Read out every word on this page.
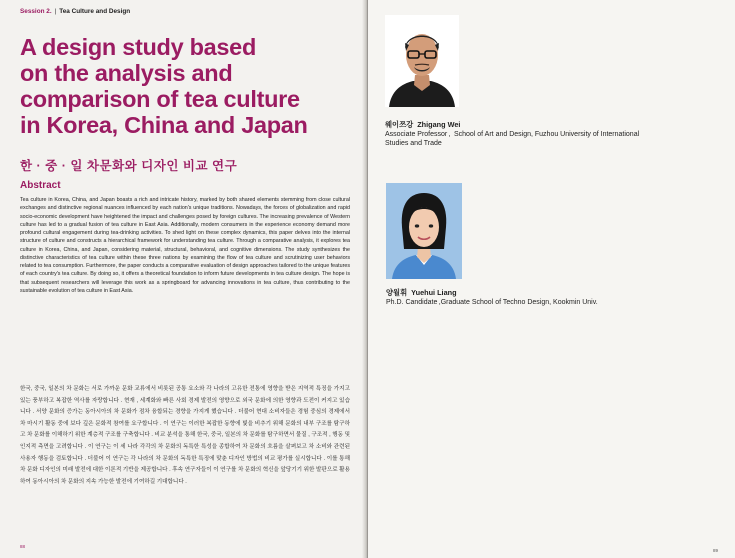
Session 2. | Tea Culture and Design
A design study based
on the analysis and
comparison of tea culture
in Korea, China and Japan
한 · 중 · 일 차문화와 디자인 비교 연구
Abstract
Tea culture in Korea, China, and Japan boasts a rich and intricate history, marked by both shared elements stemming from close cultural exchanges and distinctive regional nuances influenced by each nation's unique traditions. Nowadays, the forces of globalization and rapid socio-economic development have heightened the impact and challenges posed by foreign cultures. The increasing prevalence of Western culture has led to a gradual fusion of tea culture in East Asia. Additionally, modern consumers in the experience economy demand more profound cultural engagement during tea-drinking activities. To shed light on these complex dynamics, this paper delves into the internal structure of culture and constructs a hierarchical framework for understanding tea culture. Through a comparative analysis, it explores tea culture in Korea, China, and Japan, considering material, structural, behavioral, and cognitive dimensions. The study synthesizes the distinctive characteristics of tea culture within these three nations by examining the flow of tea culture and scrutinizing user behaviors related to tea consumption. Furthermore, the paper conducts a comparative evaluation of design approaches tailored to the unique features of each country's tea culture. By doing so, it offers a theoretical foundation to inform future developments in tea culture design. The hope is that subsequent researchers will leverage this work as a springboard for advancing innovations in tea culture, thus contributing to the sustainable evolution of tea culture in East Asia.
한국, 중국, 일본의 차 문화는 서로 가까운 문화 교류에서 비롯된 공통 요소와 각 나라의 고유한 전통에 영향을 받은 지역적 특징을 가지고 있는 풍부하고 복잡한 역사를 자랑합니다 . 현재 , 세계화와 빠른 사회 경제 발전의 영향으로 외국 문화에 의한 영향과 도전이 커지고 있습니다 . 서양 문화의 증가는 동아시아의 차 문화가 점차 융합되는 경향을 가지게 했습니다 . 더불어 현대 소비자들은 경험 중심의 경제에서 차 마시기 활동 중에 보다 깊은 문화적 참여를 요구합니다 . 이 연구는 이러한 복잡한 동향에 빛을 비추기 위해 문화의 내부 구조를 탐구하고 차 문화를 이해하기 위한 계층적 구조를 구축합니다 . 비교 분석을 통해 한국, 중국, 일본의 차 문화를 탐구하면서 물질 , 구조적 , 행동 및 인지적 측면을 고려합니다 . 이 연구는 이 세 나라 각각의 차 문화의 독특한 특성을 종합하여 차 문화의 흐름을 살펴보고 차 소비와 관련된 사용자 행동을 검토합니다 . 더불어 이 연구는 각 나라의 차 문화의 독특한 특징에 맞춘 디자인 방법의 비교 평가를 실시합니다 . 이를 통해 차 문화 디자인의 미래 발전에 대한 이론적 기반을 제공합니다 . 후속 연구자들이 이 연구를 차 문화의 혁신을 앞당기기 위한 발판으로 활용하여 동아시아의 차 문화의 지속 가능한 발전에 기여하길 기대합니다 .
88
웨이쯔강 Zhigang Wei
Associate Professor ,  School of Art and Design, Fuzhou University of International Studies and Trade
양월휘 Yuehui Liang
Ph.D. Candidate ,Graduate School of Techno Design, Kookmin Univ.
89
